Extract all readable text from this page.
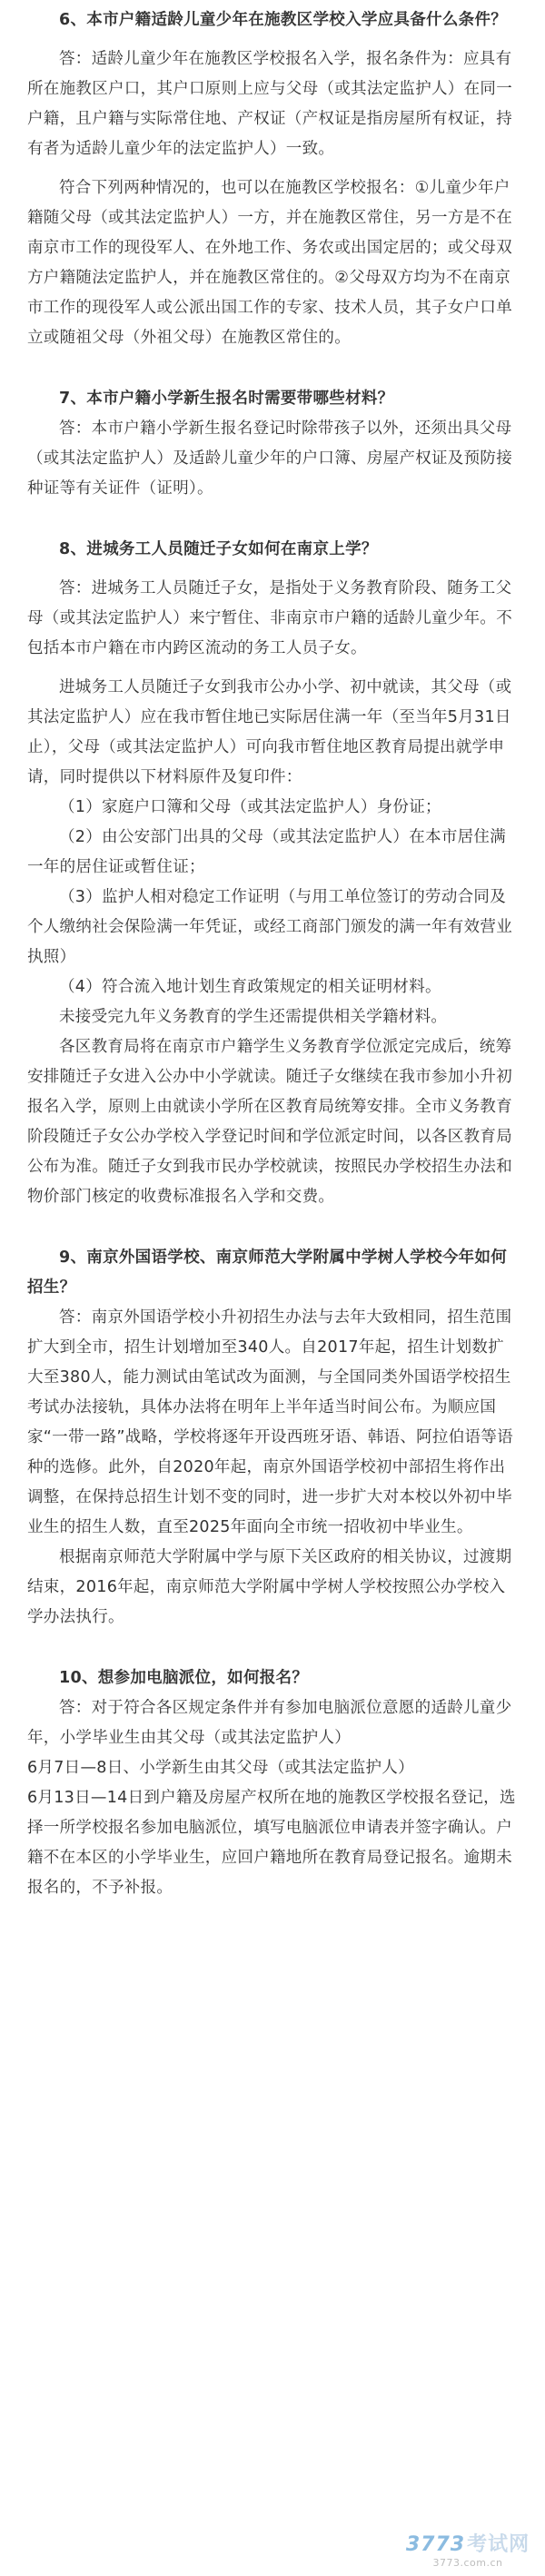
6、本市户籍适龄儿童少年在施教区学校入学应具备什么条件？

答：适龄儿童少年在施教区学校报名入学，报名条件为：应具有所在施教区户口，其户口原则上应与父母（或其法定监护人）在同一户籍，且户籍与实际常住地、产权证（产权证是指房屋所有权证，持有者为适龄儿童少年的法定监护人）一致。

符合下列两种情况的，也可以在施教区学校报名：①儿童少年户籍随父母（或其法定监护人）一方，并在施教区常住，另一方是不在南京市工作的现役军人、在外地工作、务农或出国定居的；或父母双方户籍随法定监护人，并在施教区常住的。②父母双方均为不在南京市工作的现役军人或公派出国工作的专家、技术人员，其子女户口单立或随祖父母（外祖父母）在施教区常住的。

7、本市户籍小学新生报名时需要带哪些材料？

答：本市户籍小学新生报名登记时除带孩子以外，还须出具父母（或其法定监护人）及适龄儿童少年的户口簿、房屋产权证及预防接种证等有关证件（证明）。

8、进城务工人员随迁子女如何在南京上学？

答：进城务工人员随迁子女，是指处于义务教育阶段、随务工父母（或其法定监护人）来宁暂住、非南京市户籍的适龄儿童少年。不包括本市户籍在市内跨区流动的务工人员子女。

进城务工人员随迁子女到我市公办小学、初中就读，其父母（或其法定监护人）应在我市暂住地已实际居住满一年（至当年5月31日止），父母（或其法定监护人）可向我市暂住地区教育局提出就学申请，同时提供以下材料原件及复印件：

（1）家庭户口簿和父母（或其法定监护人）身份证；

（2）由公安部门出具的父母（或其法定监护人）在本市居住满一年的居住证或暂住证；

（3）监护人相对稳定工作证明（与用工单位签订的劳动合同及个人缴纳社会保险满一年凭证，或经工商部门颁发的满一年有效营业执照）

（4）符合流入地计划生育政策规定的相关证明材料。

未接受完九年义务教育的学生还需提供相关学籍材料。

各区教育局将在南京市户籍学生义务教育学位派定完成后，统筹安排随迁子女进入公办中小学就读。随迁子女继续在我市参加小升初报名入学，原则上由就读小学所在区教育局统筹安排。全市义务教育阶段随迁子女公办学校入学登记时间和学位派定时间，以各区教育局公布为准。随迁子女到我市民办学校就读，按照民办学校招生办法和物价部门核定的收费标准报名入学和交费。

9、南京外国语学校、南京师范大学附属中学树人学校今年如何招生？

答：南京外国语学校小升初招生办法与去年大致相同，招生范围扩大到全市，招生计划增加至340人。自2017年起，招生计划数扩大至380人，能力测试由笔试改为面测，与全国同类外国语学校招生考试办法接轨，具体办法将在明年上半年适当时间公布。为顺应国家“一带一路”战略，学校将逐年开设西班牙语、韩语、阿拉伯语等语种的选修。此外，自2020年起，南京外国语学校初中部招生将作出调整，在保持总招生计划不变的同时，进一步扩大对本校以外初中毕业生的招生人数，直至2025年面向全市统一招收初中毕业生。

根据南京师范大学附属中学与原下关区政府的相关协议，过渡期结束，2016年起，南京师范大学附属中学树人学校按照公办学校入学办法执行。

10、想参加电脑派位，如何报名？

答：对于符合各区规定条件并有参加电脑派位意愿的适龄儿童少年，小学毕业生由其父母（或其法定监护人）

6月7日—8日、小学新生由其父母（或其法定监护人）

6月13日—14日到户籍及房屋产权所在地的施教区学校报名登记，选择一所学校报名参加电脑派位，填写电脑派位申请表并签字确认。户籍不在本区的小学毕业生，应回户籍地所在教育局登记报名。逾期未报名的，不予补报。

3773考试网
3773.com.cn
